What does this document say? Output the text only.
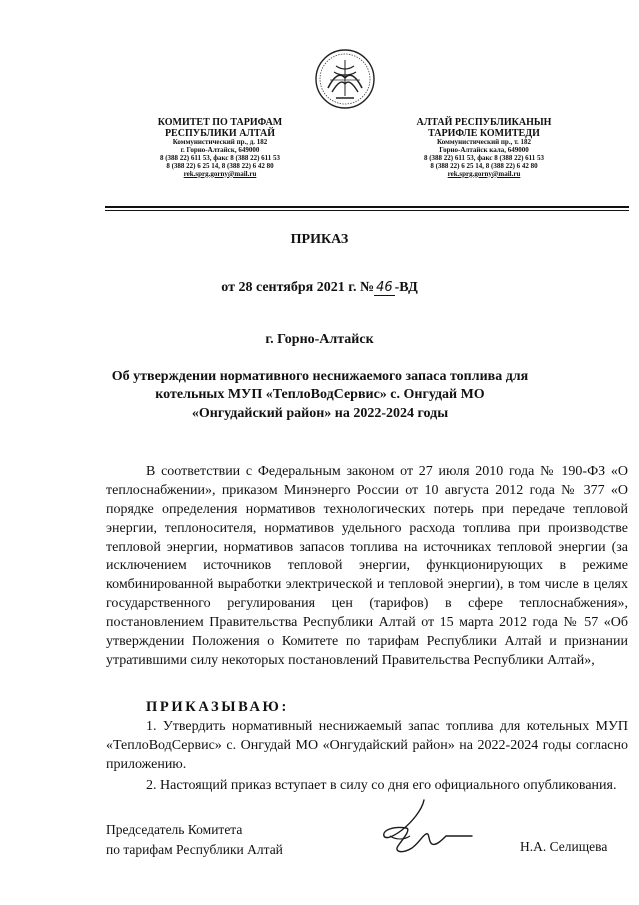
КОМИТЕТ ПО ТАРИФАМ
РЕСПУБЛИКИ АЛТАЙ
Коммунистический пр., д. 182
г. Горно-Алтайск, 649000
8 (388 22) 611 53, факс 8 (388 22) 611 53
8 (388 22) 6 25 14, 8 (388 22) 6 42 80
rek.sprg.gorny@mail.ru
АЛТАЙ РЕСПУБЛИКАНЫН
ТАРИФЛЕ КОМИТЕДИ
Коммунистический пр., т. 182
Горно-Алтайск кала, 649000
8 (388 22) 611 53, факс 8 (388 22) 611 53
8 (388 22) 6 25 14, 8 (388 22) 6 42 80
rek.sprg.gorny@mail.ru
ПРИКАЗ
от 28 сентября 2021 г. № 46 -ВД
г. Горно-Алтайск
Об утверждении нормативного неснижаемого запаса топлива для котельных МУП «ТеплоВодСервис» с. Онгудай МО «Онгудайский район» на 2022-2024 годы
В соответствии с Федеральным законом от 27 июля 2010 года № 190-ФЗ «О теплоснабжении», приказом Минэнерго России от 10 августа 2012 года № 377 «О порядке определения нормативов технологических потерь при передаче тепловой энергии, теплоносителя, нормативов удельного расхода топлива при производстве тепловой энергии, нормативов запасов топлива на источниках тепловой энергии (за исключением источников тепловой энергии, функционирующих в режиме комбинированной выработки электрической и тепловой энергии), в том числе в целях государственного регулирования цен (тарифов) в сфере теплоснабжения», постановлением Правительства Республики Алтай от 15 марта 2012 года № 57 «Об утверждении Положения о Комитете по тарифам Республики Алтай и признании утратившими силу некоторых постановлений Правительства Республики Алтай»,
ПРИКАЗЫВАЮ:
1. Утвердить нормативный неснижаемый запас топлива для котельных МУП «ТеплоВодСервис» с. Онгудай МО «Онгудайский район» на 2022-2024 годы согласно приложению.
2. Настоящий приказ вступает в силу со дня его официального опубликования.
Председатель Комитета
по тарифам Республики Алтай	Н.А. Селищева
